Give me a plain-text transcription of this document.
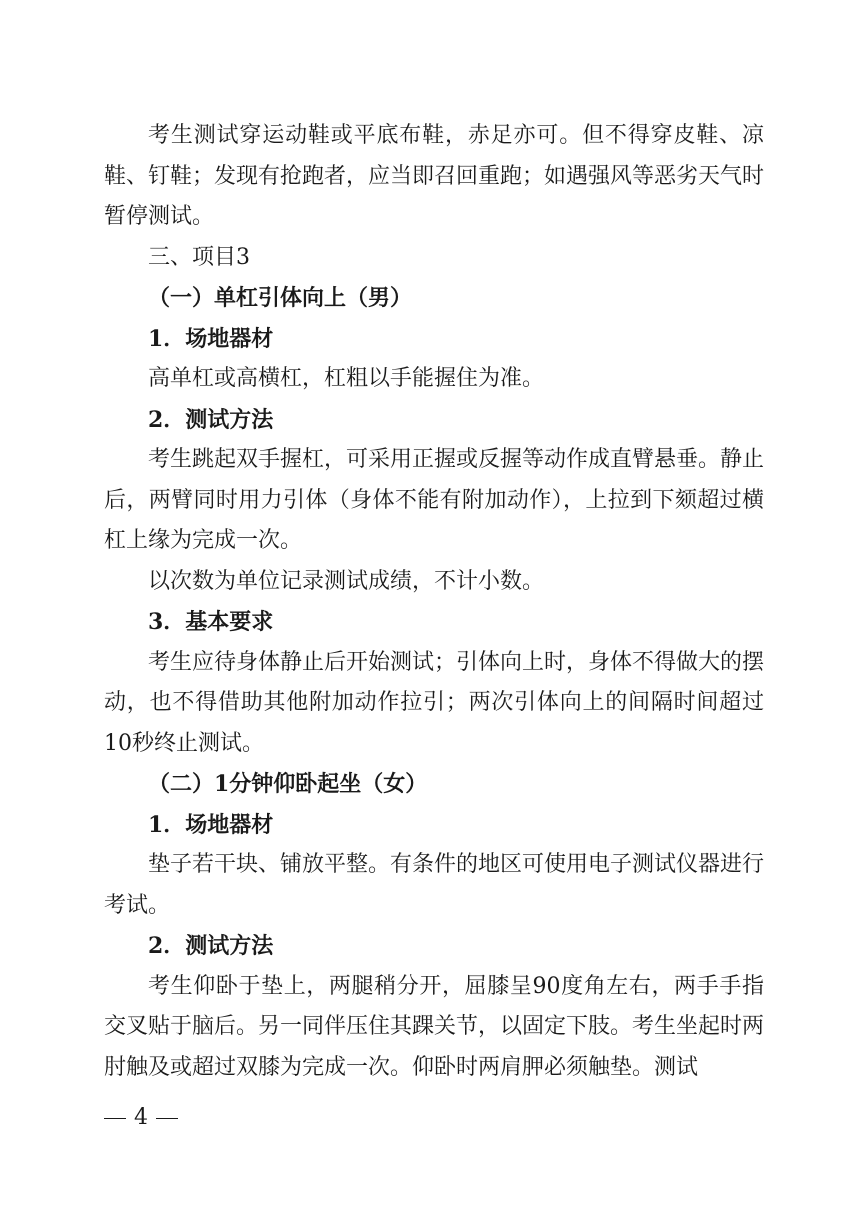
考生测试穿运动鞋或平底布鞋，赤足亦可。但不得穿皮鞋、凉鞋、钉鞋；发现有抢跑者，应当即召回重跑；如遇强风等恶劣天气时暂停测试。

三、项目3

（一）单杠引体向上（男）

1．场地器材

高单杠或高横杠，杠粗以手能握住为准。

2．测试方法

考生跳起双手握杠，可采用正握或反握等动作成直臂悬垂。静止后，两臂同时用力引体（身体不能有附加动作），上拉到下颏超过横杠上缘为完成一次。

以次数为单位记录测试成绩，不计小数。

3．基本要求

考生应待身体静止后开始测试；引体向上时，身体不得做大的摆动，也不得借助其他附加动作拉引；两次引体向上的间隔时间超过10秒终止测试。

（二）1分钟仰卧起坐（女）

1．场地器材

垫子若干块、铺放平整。有条件的地区可使用电子测试仪器进行考试。

2．测试方法

考生仰卧于垫上，两腿稍分开，屈膝呈90度角左右，两手手指交叉贴于脑后。另一同伴压住其踝关节，以固定下肢。考生坐起时两肘触及或超过双膝为完成一次。仰卧时两肩胛必须触垫。测试

4
